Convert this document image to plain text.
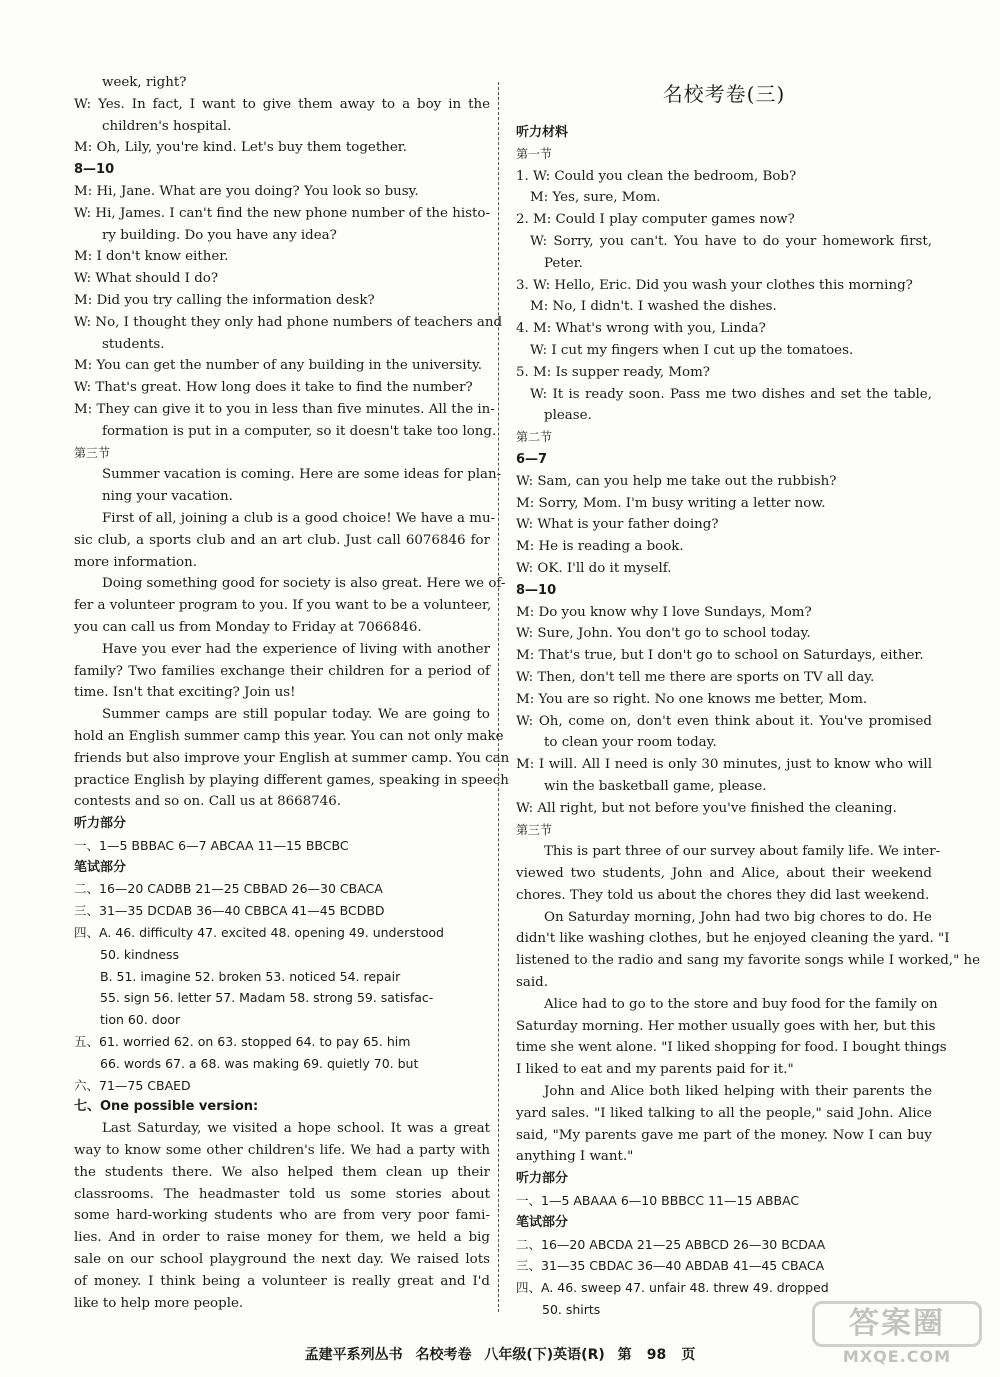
week, right?
W: Yes. In fact, I want to give them away to a boy in the
children's hospital.
M: Oh, Lily, you're kind. Let's buy them together.
8—10
M: Hi, Jane. What are you doing? You look so busy.
W: Hi, James. I can't find the new phone number of the histo-
ry building. Do you have any idea?
M: I don't know either.
W: What should I do?
M: Did you try calling the information desk?
W: No, I thought they only had phone numbers of teachers and
students.
M: You can get the number of any building in the university.
W: That's great. How long does it take to find the number?
M: They can give it to you in less than five minutes. All the in-
formation is put in a computer, so it doesn't take too long.
第三节
Summer vacation is coming. Here are some ideas for plan-
ning your vacation.
First of all, joining a club is a good choice! We have a mu-
sic club, a sports club and an art club. Just call 6076846 for
more information.
Doing something good for society is also great. Here we of-
fer a volunteer program to you. If you want to be a volunteer,
you can call us from Monday to Friday at 7066846.
Have you ever had the experience of living with another
family? Two families exchange their children for a period of
time. Isn't that exciting? Join us!
Summer camps are still popular today. We are going to
hold an English summer camp this year. You can not only make
friends but also improve your English at summer camp. You can
practice English by playing different games, speaking in speech
contests and so on. Call us at 8668746.
听力部分
一、1—5 BBBAC 6—7 ABCAA 11—15 BBCBC
笔试部分
二、16—20 CADBB 21—25 CBBAD 26—30 CBACA
三、31—35 DCDAB 36—40 CBBCA 41—45 BCDBD
四、A. 46. difficulty 47. excited 48. opening 49. understood
50. kindness
B. 51. imagine 52. broken 53. noticed 54. repair
55. sign 56. letter 57. Madam 58. strong 59. satisfac-
tion 60. door
五、61. worried 62. on 63. stopped 64. to pay 65. him
66. words 67. a 68. was making 69. quietly 70. but
六、71—75 CBAED
七、One possible version:
Last Saturday, we visited a hope school. It was a great
way to know some other children's life. We had a party with
the students there. We also helped them clean up their
classrooms. The headmaster told us some stories about
some hard-working students who are from very poor fami-
lies. And in order to raise money for them, we held a big
sale on our school playground the next day. We raised lots
of money. I think being a volunteer is really great and I'd
like to help more people.
名校考卷(三)
听力材料
第一节
1. W: Could you clean the bedroom, Bob?
M: Yes, sure, Mom.
2. M: Could I play computer games now?
W: Sorry, you can't. You have to do your homework first,
Peter.
3. W: Hello, Eric. Did you wash your clothes this morning?
M: No, I didn't. I washed the dishes.
4. M: What's wrong with you, Linda?
W: I cut my fingers when I cut up the tomatoes.
5. M: Is supper ready, Mom?
W: It is ready soon. Pass me two dishes and set the table,
please.
第二节
6—7
W: Sam, can you help me take out the rubbish?
M: Sorry, Mom. I'm busy writing a letter now.
W: What is your father doing?
M: He is reading a book.
W: OK. I'll do it myself.
8—10
M: Do you know why I love Sundays, Mom?
W: Sure, John. You don't go to school today.
M: That's true, but I don't go to school on Saturdays, either.
W: Then, don't tell me there are sports on TV all day.
M: You are so right. No one knows me better, Mom.
W: Oh, come on, don't even think about it. You've promised
to clean your room today.
M: I will. All I need is only 30 minutes, just to know who will
win the basketball game, please.
W: All right, but not before you've finished the cleaning.
第三节
This is part three of our survey about family life. We inter-
viewed two students, John and Alice, about their weekend
chores. They told us about the chores they did last weekend.
On Saturday morning, John had two big chores to do. He
didn't like washing clothes, but he enjoyed cleaning the yard. "I
listened to the radio and sang my favorite songs while I worked," he
said.
Alice had to go to the store and buy food for the family on
Saturday morning. Her mother usually goes with her, but this
time she went alone. "I liked shopping for food. I bought things
I liked to eat and my parents paid for it."
John and Alice both liked helping with their parents the
yard sales. "I liked talking to all the people," said John. Alice
said, "My parents gave me part of the money. Now I can buy
anything I want."
听力部分
一、1—5 ABAAA 6—10 BBBCC 11—15 ABBAC
笔试部分
二、16—20 ABCDA 21—25 ABBCD 26—30 BCDAA
三、31—35 CBDAC 36—40 ABDAB 41—45 CBACA
四、A. 46. sweep 47. unfair 48. threw 49. dropped
50. shirts
孟建平系列丛书 名校考卷 八年级(下)英语(R) 第 98 页
答案圈
MXQE.COM
